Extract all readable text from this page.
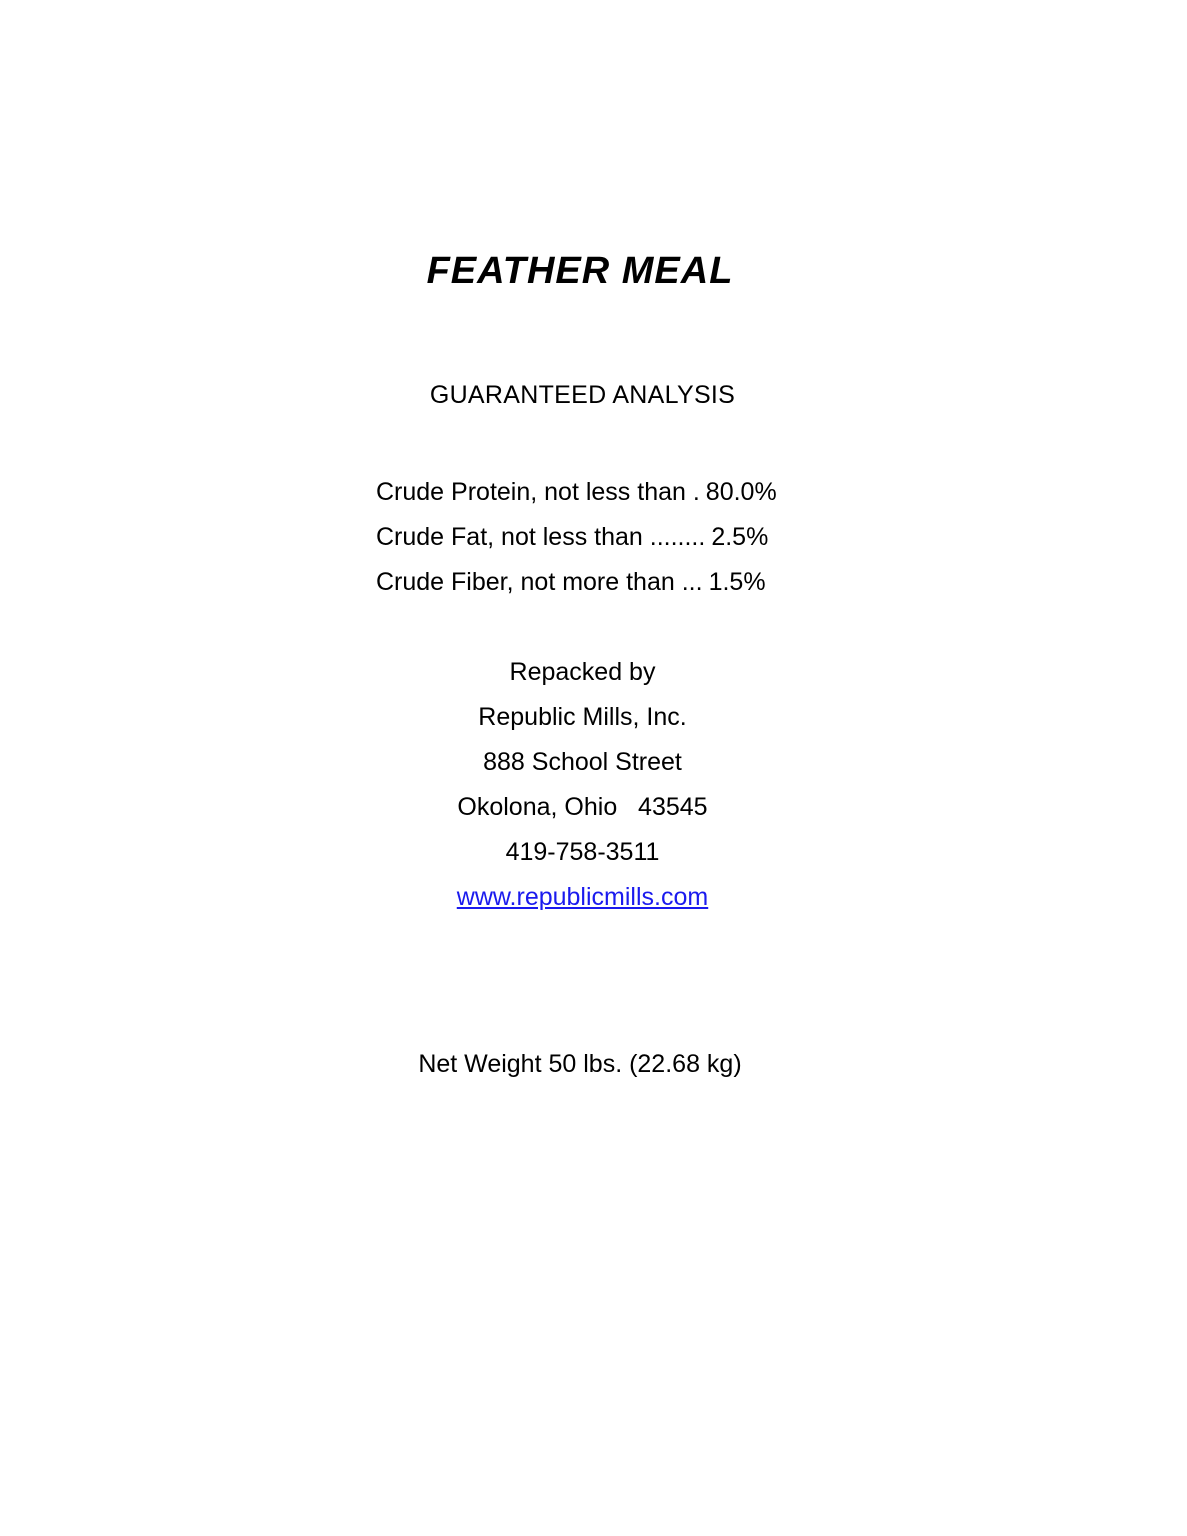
FEATHER MEAL
GUARANTEED ANALYSIS
Crude Protein, not less than . 80.0%
Crude Fat, not less than ........ 2.5%
Crude Fiber, not more than ... 1.5%
Repacked by
Republic Mills, Inc.
888 School Street
Okolona, Ohio   43545
419-758-3511
www.republicmills.com
Net Weight 50 lbs. (22.68 kg)
